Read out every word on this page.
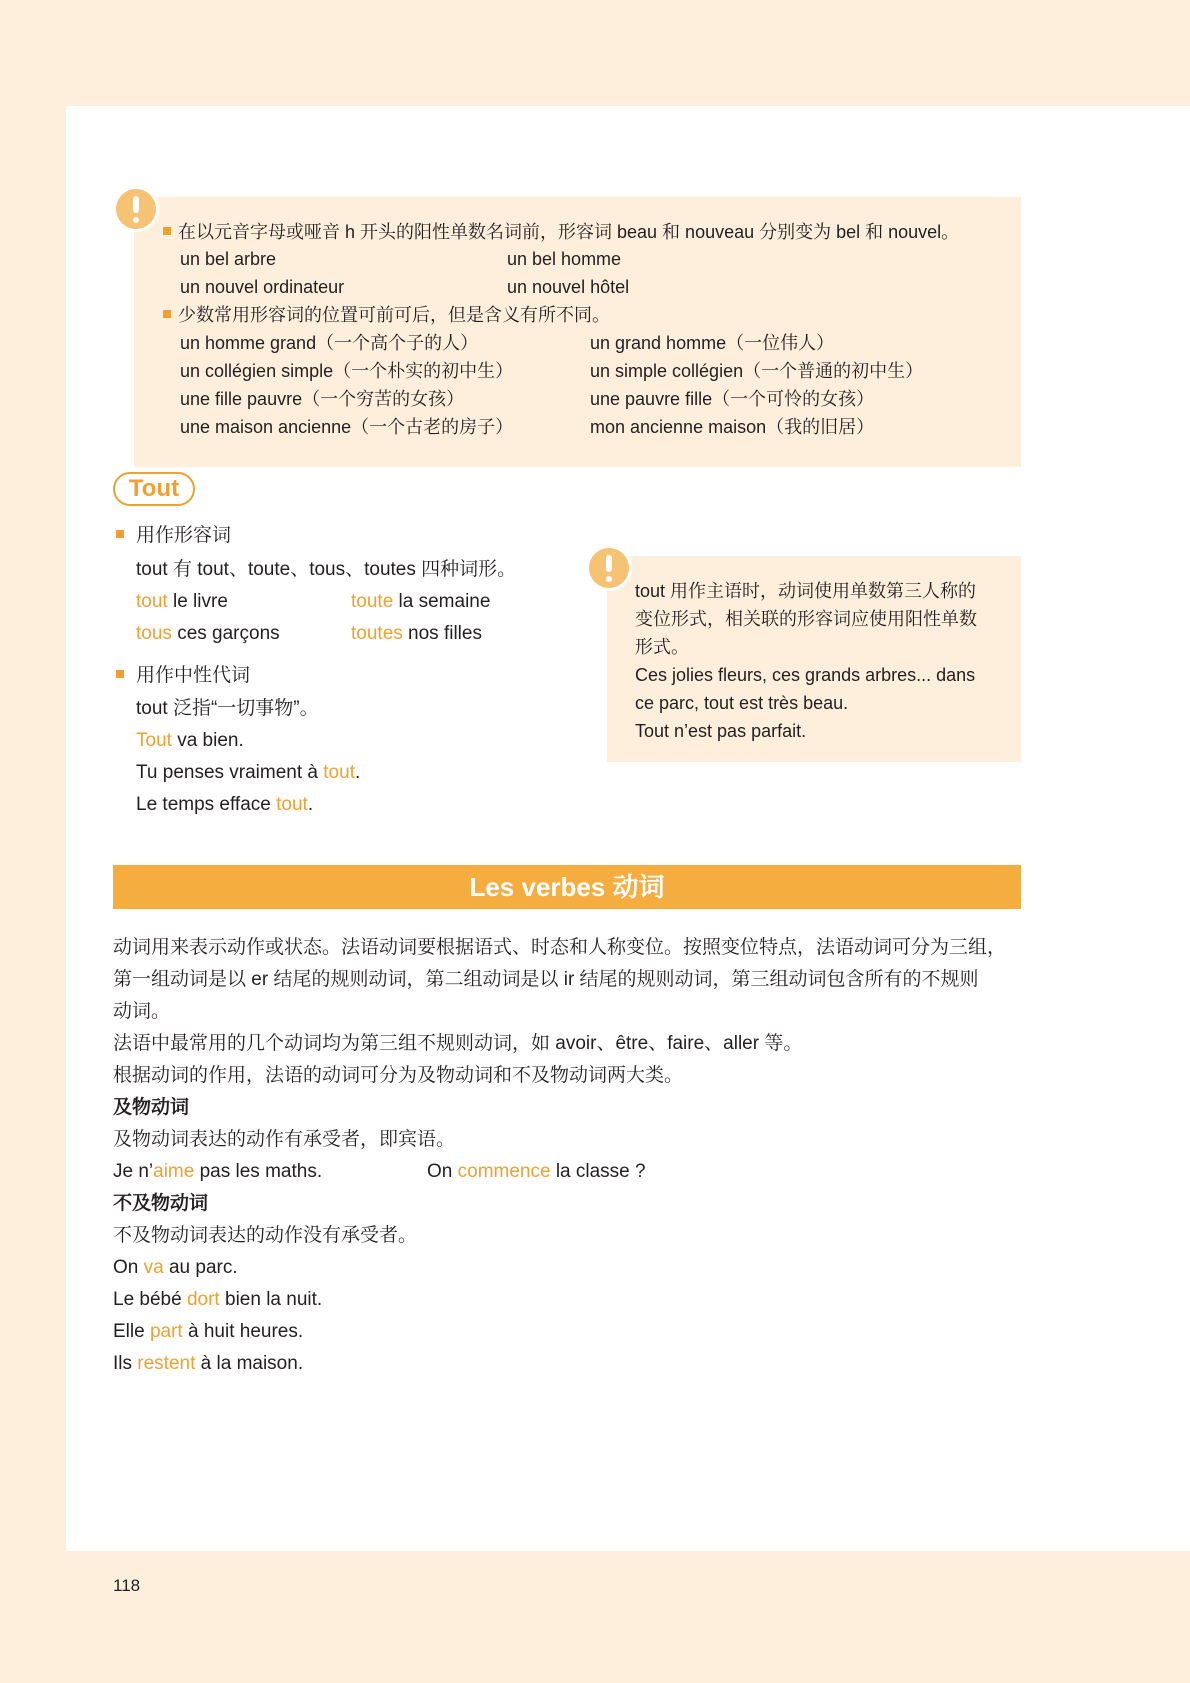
在以元音字母或哑音 h 开头的阳性单数名词前，形容词 beau 和 nouveau 分别变为 bel 和 nouvel。
un bel arbre	un bel homme
un nouvel ordinateur	un nouvel hôtel
少数常用形容词的位置可前可后，但是含义有所不同。
un homme grand（一个高个子的人）	un grand homme（一位伟人）
un collégien simple（一个朴实的初中生）	un simple collégien（一个普通的初中生）
une fille pauvre（一个穷苦的女孩）	une pauvre fille（一个可怜的女孩）
une maison ancienne（一个古老的房子）	mon ancienne maison（我的旧居）
Tout
用作形容词
tout 有 tout、toute、tous、toutes 四种词形。
tout le livre	toute la semaine
tous ces garçons	toutes nos filles
用作中性代词
tout 泛指“一切事物”。
Tout va bien.
Tu penses vraiment à tout.
Le temps efface tout.
tout 用作主语时，动词使用单数第三人称的
变位形式，相关联的形容词应使用阳性单数
形式。
Ces jolies fleurs, ces grands arbres... dans
ce parc, tout est très beau.
Tout n’est pas parfait.
Les verbes 动词
动词用来表示动作或状态。法语动词要根据语式、时态和人称变位。按照变位特点，法语动词可分为三组，
第一组动词是以 er 结尾的规则动词，第二组动词是以 ir 结尾的规则动词，第三组动词包含所有的不规则
动词。
法语中最常用的几个动词均为第三组不规则动词，如 avoir、être、faire、aller 等。
根据动词的作用，法语的动词可分为及物动词和不及物动词两大类。
及物动词
及物动词表达的动作有承受者，即宾语。
Je n’aime pas les maths.	On commence la classe ?
不及物动词
不及物动词表达的动作没有承受者。
On va au parc.
Le bébé dort bien la nuit.
Elle part à huit heures.
Ils restent à la maison.
118
